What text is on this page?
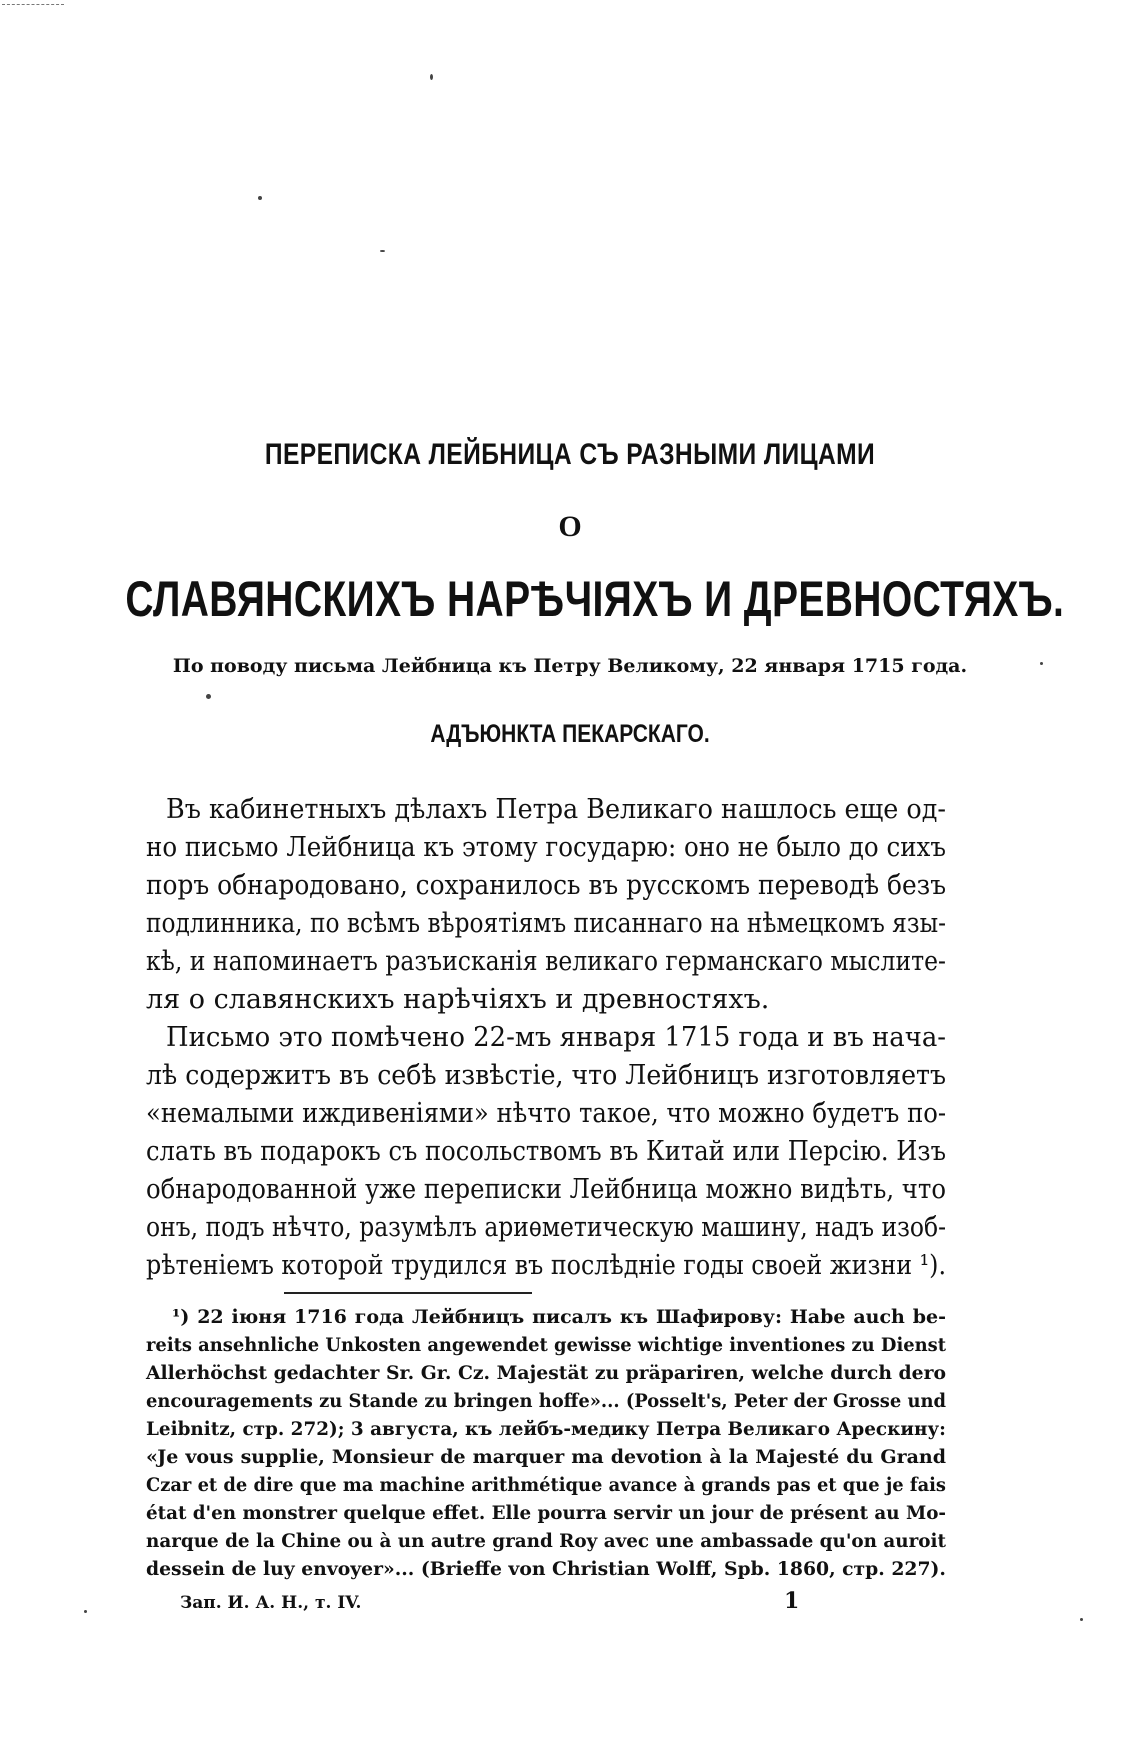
ПЕРЕПИСКА ЛЕЙБНИЦА СЪ РАЗНЫМИ ЛИЦАМИ
О
СЛАВЯНСКИХЪ НАРѢЧІЯХЪ И ДРЕВНОСТЯХЪ.
По поводу письма Лейбница къ Петру Великому, 22 января 1715 года.
АДЪЮНКТА ПЕКАРСКАГО.
Въ кабинетныхъ дѣлахъ Петра Великаго нашлось еще од-
но письмо Лейбница къ этому государю: оно не было до сихъ
поръ обнародовано, сохранилось въ русскомъ переводѣ безъ
подлинника, по всѣмъ вѣроятіямъ писаннаго на нѣмецкомъ язы-
кѣ, и напоминаетъ разъисканія великаго германскаго мыслите-
ля о славянскихъ нарѣчіяхъ и древностяхъ.
Письмо это помѣчено 22-мъ января 1715 года и въ нача-
лѣ содержитъ въ себѣ извѣстіе, что Лейбницъ изготовляетъ
«немалыми иждивеніями» нѣчто такое, что можно будетъ по-
слать въ подарокъ съ посольствомъ въ Китай или Персію. Изъ
обнародованной уже переписки Лейбница можно видѣть, что
онъ, подъ нѣчто, разумѣлъ ариѳметическую машину, надъ изоб-
рѣтеніемъ которой трудился въ послѣдніе годы своей жизни ¹).
¹) 22 іюня 1716 года Лейбницъ писалъ къ Шафирову: Habe auch be-
reits ansehnliche Unkosten angewendet gewisse wichtige inventiones zu Dienst
Allerhöchst gedachter Sr. Gr. Cz. Majestät zu präpariren, welche durch dero
encouragements zu Stande zu bringen hoffe»... (Posselt's, Peter der Grosse und
Leibnitz, стр. 272); 3 августа, къ лейбъ-медику Петра Великаго Арескину:
«Je vous supplie, Monsieur de marquer ma devotion à la Majesté du Grand
Czar et de dire que ma machine arithmétique avance à grands pas et que je fais
état d'en monstrer quelque effet. Elle pourra servir un jour de présent au Mo-
narque de la Chine ou à un autre grand Roy avec une ambassade qu'on auroit
dessein de luy envoyer»... (Brieffe von Christian Wolff, Spb. 1860, стр. 227).
Зап. И. А. Н., т. IV.	1
